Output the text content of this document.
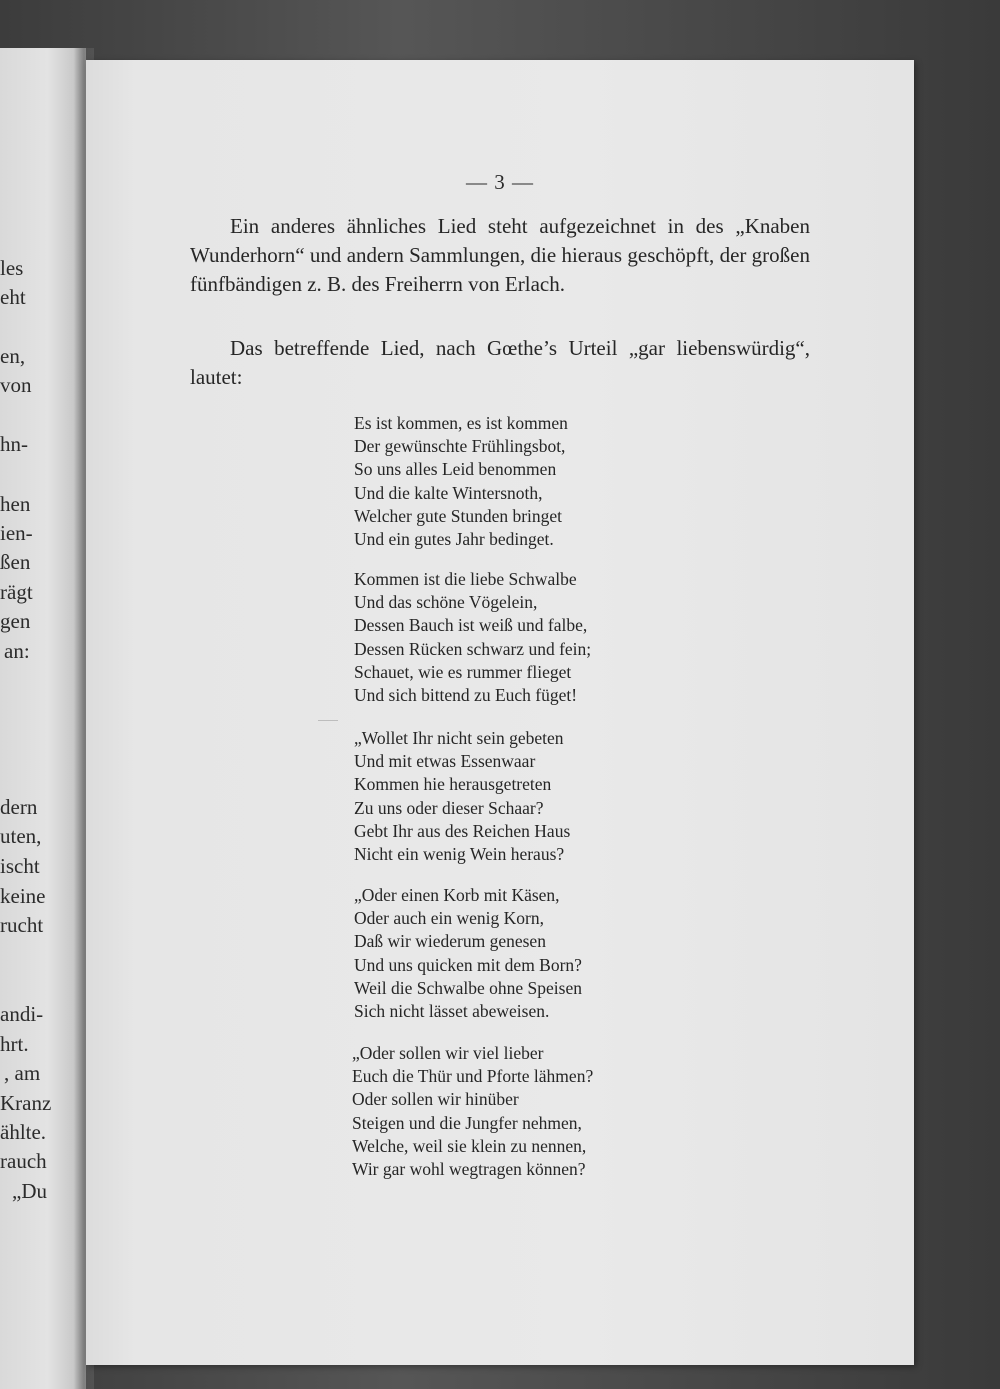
les
eht
en,
von
hn-
hen
ien-
ßen
rägt
gen
an:
dern
uten,
ischt
keine
rucht
andi-
hrt.
, am
Kranz
ählte.
rauch
„Du
— 3 —

Ein anderes ähnliches Lied steht aufgezeichnet in des „Knaben Wunderhorn“ und andern Sammlungen, die hieraus geschöpft, der großen fünfbändigen z. B. des Freiherrn von Erlach.

Das betreffende Lied, nach Gœthe’s Urteil „gar liebenswürdig“, lautet:

Es ist kommen, es ist kommen
Der gewünschte Frühlingsbot,
So uns alles Leid benommen
Und die kalte Wintersnoth,
Welcher gute Stunden bringet
Und ein gutes Jahr bedinget.
Kommen ist die liebe Schwalbe
Und das schöne Vögelein,
Dessen Bauch ist weiß und falbe,
Dessen Rücken schwarz und fein;
Schauet, wie es rummer flieget
Und sich bittend zu Euch füget!
„Wollet Ihr nicht sein gebeten
Und mit etwas Essenwaar
Kommen hie herausgetreten
Zu uns oder dieser Schaar?
Gebt Ihr aus des Reichen Haus
Nicht ein wenig Wein heraus?
„Oder einen Korb mit Käsen,
Oder auch ein wenig Korn,
Daß wir wiederum genesen
Und uns quicken mit dem Born?
Weil die Schwalbe ohne Speisen
Sich nicht lässet abeweisen.
„Oder sollen wir viel lieber
Euch die Thür und Pforte lähmen?
Oder sollen wir hinüber
Steigen und die Jungfer nehmen,
Welche, weil sie klein zu nennen,
Wir gar wohl wegtragen können?
